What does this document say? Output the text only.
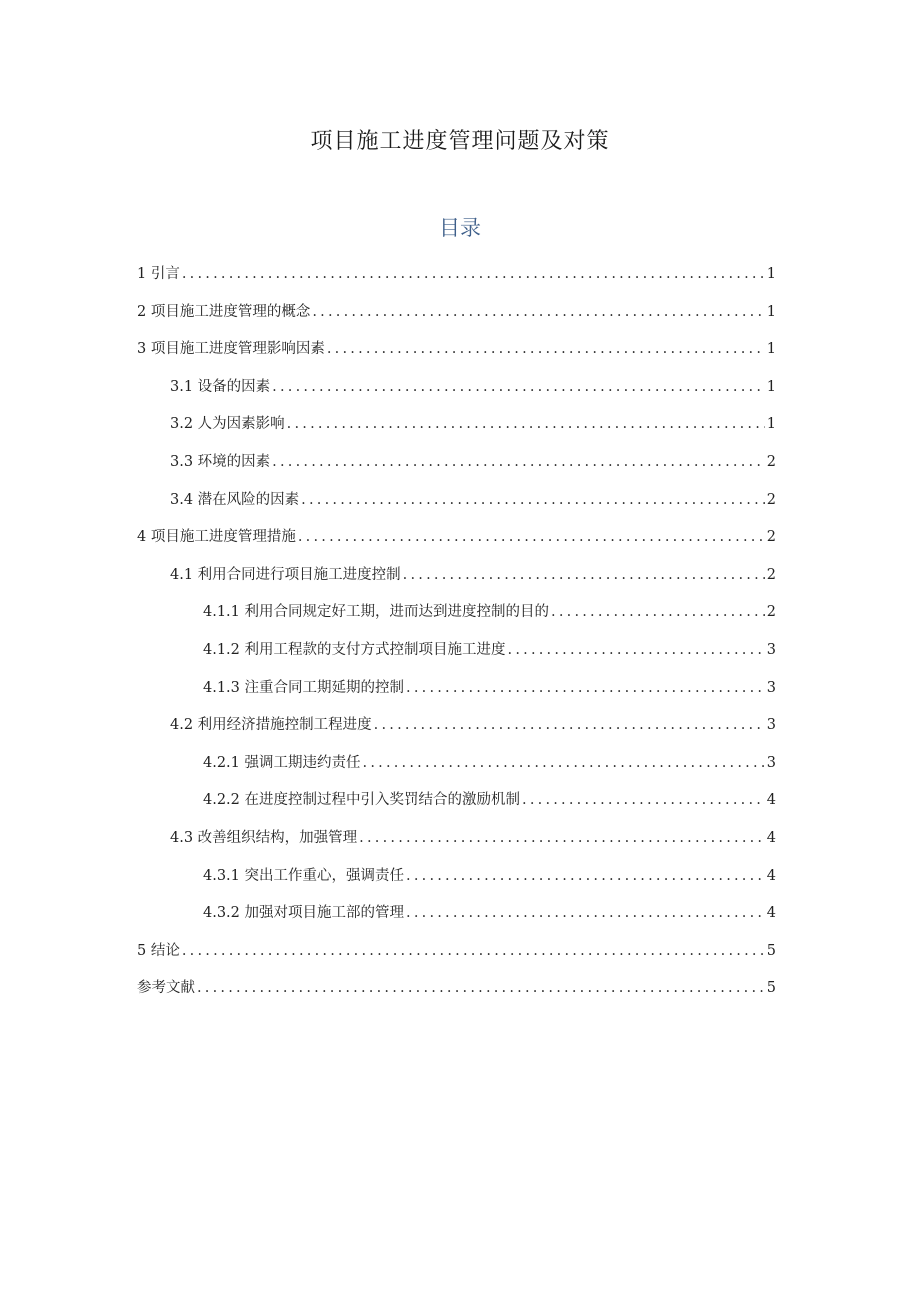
项目施工进度管理问题及对策
目录
1 引言 .....	1
2 项目施工进度管理的概念 .....	1
3 项目施工进度管理影响因素 .....	1
3.1 设备的因素 .....	1
3.2 人为因素影响 .....	1
3.3 环境的因素 .....	2
3.4 潜在风险的因素 .....	2
4 项目施工进度管理措施 .....	2
4.1 利用合同进行项目施工进度控制 .....	2
4.1.1 利用合同规定好工期，进而达到进度控制的目的 .....	2
4.1.2 利用工程款的支付方式控制项目施工进度 .....	3
4.1.3 注重合同工期延期的控制 .....	3
4.2 利用经济措施控制工程进度 .....	3
4.2.1 强调工期违约责任 .....	3
4.2.2 在进度控制过程中引入奖罚结合的激励机制 .....	4
4.3 改善组织结构，加强管理 .....	4
4.3.1 突出工作重心，强调责任 .....	4
4.3.2 加强对项目施工部的管理 .....	4
5 结论 .....	5
参考文献 .....	5
